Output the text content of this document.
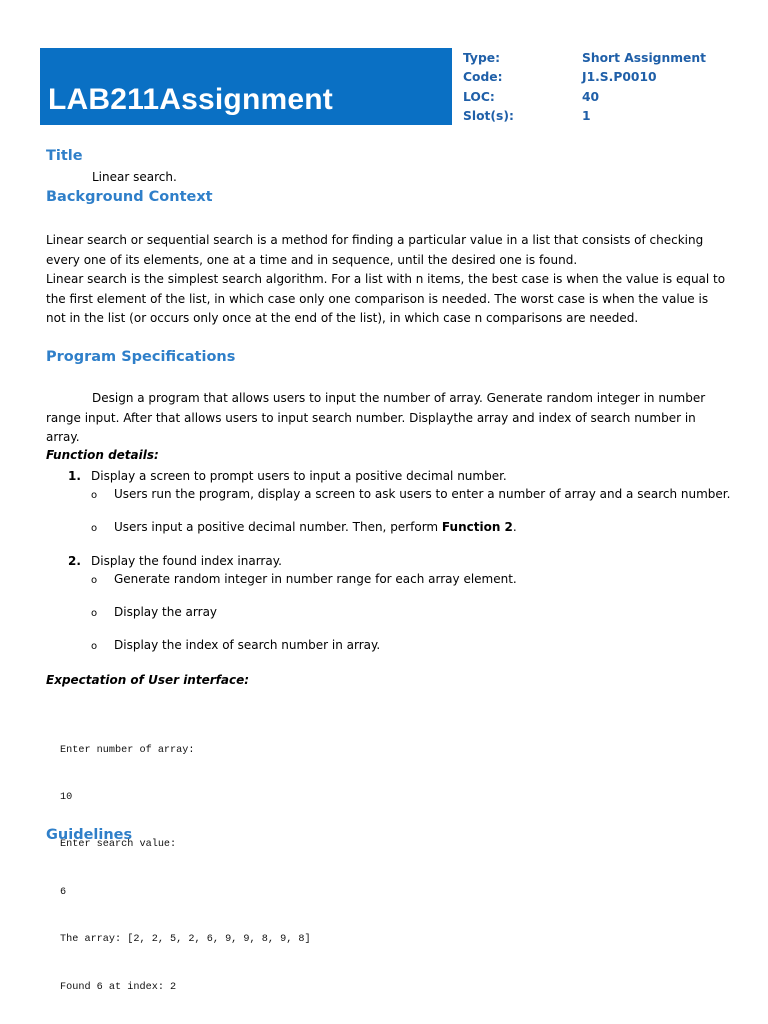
LAB211Assignment
Type:	Short Assignment
Code:	J1.S.P0010
LOC:	40
Slot(s):	1
Title

Linear search.

Background Context

Linear search or sequential search is a method for finding a particular value in a list that consists of checking every one of its elements, one at a time and in sequence, until the desired one is found.

Linear search is the simplest search algorithm. For a list with n items, the best case is when the value is equal to the first element of the list, in which case only one comparison is needed. The worst case is when the value is not in the list (or occurs only once at the end of the list), in which case n comparisons are needed.

Program Specifications

Design a program that allows users to input the number of array. Generate random integer in number range input. After that allows users to input search number. Displaythe array and index of search number in array.

Function details:

1. Display a screen to prompt users to input a positive decimal number.

o Users run the program, display a screen to ask users to enter a number of array and a search number.

o Users input a positive decimal number. Then, perform Function 2.

2. Display the found index inarray.

o Generate random integer in number range for each array element.

o Display the array

o Display the index of search number in array.

Expectation of User interface:

Enter number of array:

10

Enter search value:

6

The array: [2, 2, 5, 2, 6, 9, 9, 8, 9, 8]

Found 6 at index: 2

Guidelines
